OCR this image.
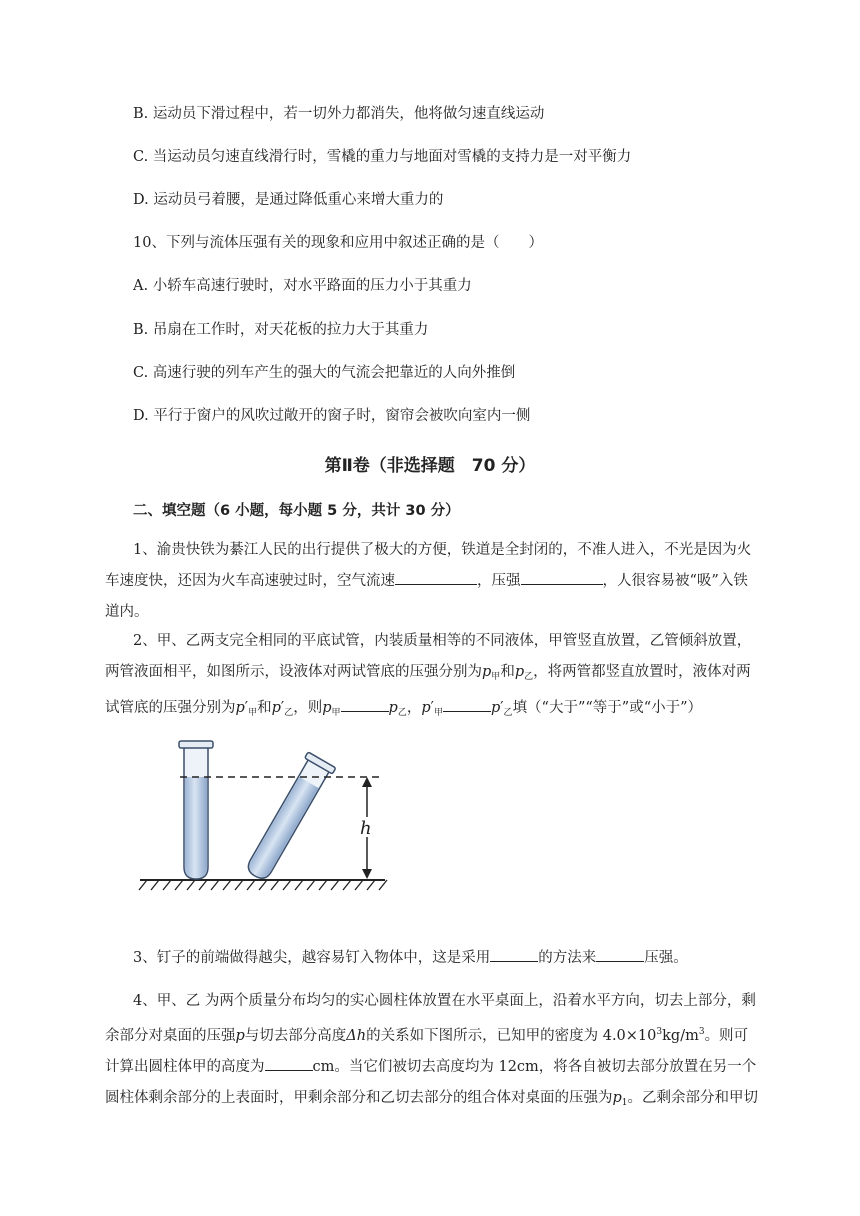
B. 运动员下滑过程中，若一切外力都消失，他将做匀速直线运动
C. 当运动员匀速直线滑行时，雪橇的重力与地面对雪橇的支持力是一对平衡力
D. 运动员弓着腰，是通过降低重心来增大重力的
10、下列与流体压强有关的现象和应用中叙述正确的是（　　）
A. 小轿车高速行驶时，对水平路面的压力小于其重力
B. 吊扇在工作时，对天花板的拉力大于其重力
C. 高速行驶的列车产生的强大的气流会把靠近的人向外推倒
D. 平行于窗户的风吹过敞开的窗子时，窗帘会被吹向室内一侧
第Ⅱ卷（非选择题　70 分）
二、填空题（6 小题，每小题 5 分，共计 30 分）
1、渝贵快铁为綦江人民的出行提供了极大的方便，铁道是全封闭的，不准人进入，不光是因为火车速度快，还因为火车高速驶过时，空气流速	，压强	，人很容易被“吸”入铁道内。
2、甲、乙两支完全相同的平底试管，内装质量相等的不同液体，甲管竖直放置，乙管倾斜放置，两管液面相平，如图所示，设液体对两试管底的压强分别为$p_甲$和$p_乙$，将两管都竖直放置时，液体对两试管底的压强分别为$p'_甲$和$p'_乙$，则$p_甲$	$p_乙$，$p'_甲$	$p'_乙$填（“大于”“等于”或“小于”）
h
3、钉子的前端做得越尖，越容易钉入物体中，这是采用	的方法来	压强。
4、甲、乙 为两个质量分布均匀的实心圆柱体放置在水平桌面上，沿着水平方向，切去上部分，剩余部分对桌面的压强p与切去部分高度Δh的关系如下图所示，已知甲的密度为 $4.0\times 10^3kg/m^3$。则可计算出圆柱体甲的高度为	cm。当它们被切去高度均为 12cm，将各自被切去部分放置在另一个圆柱体剩余部分的上表面时，甲剩余部分和乙切去部分的组合体对桌面的压强为$p_1$。乙剩余部分和甲切
